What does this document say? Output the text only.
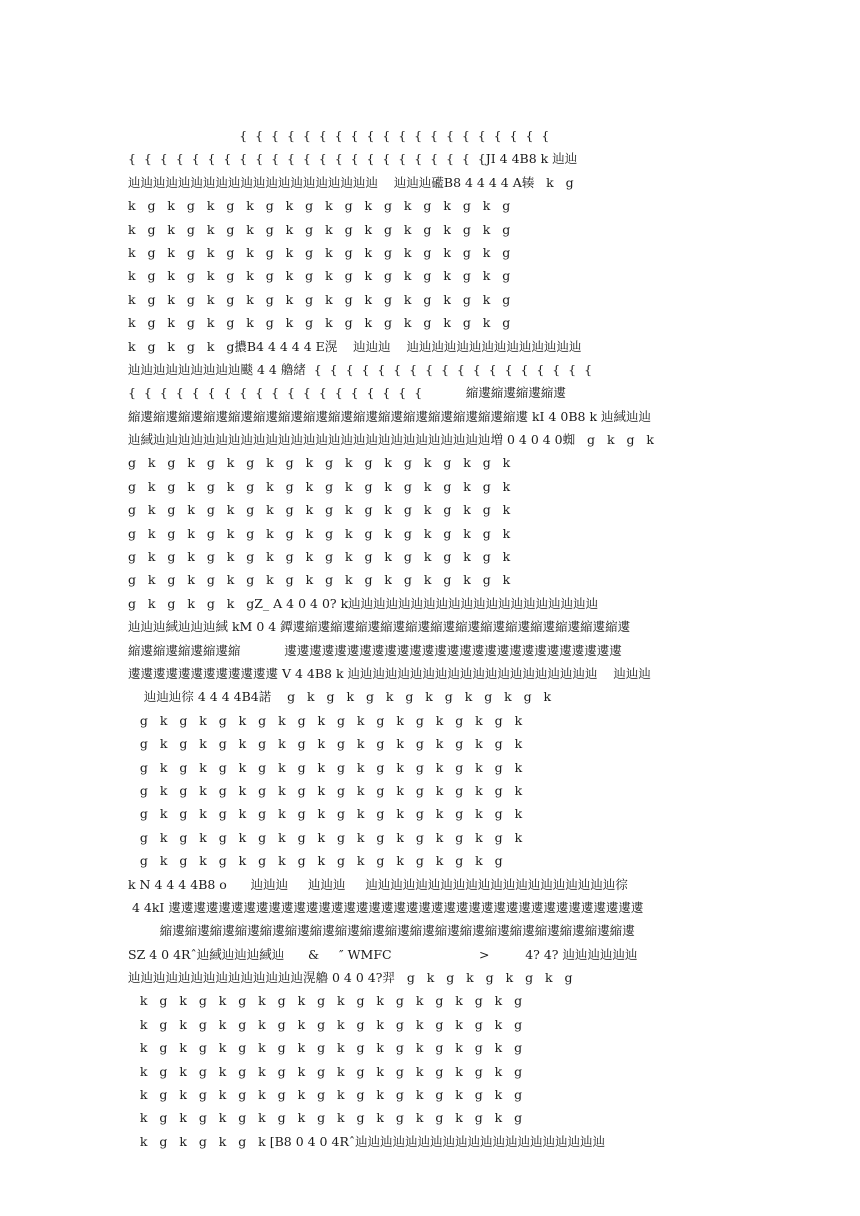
{  {  {  {  {  {  {  {  {  {  {  {  {  {  {  {  {  {  {  {
{  {  {  {  {  {  {  {  {  {  {  {  {  {  {  {  {  {  {  {  {  {  {JI 4 4B8 k 辿辿
辿辿辿辿辿辿辿辿辿辿辿辿辿辿辿辿辿辿辿辿    辿辿辿礷B8 4 4 4 4 A辏   k   g
k   g   k   g   k   g   k   g   k   g   k   g   k   g   k   g   k   g   k   g
k   g   k   g   k   g   k   g   k   g   k   g   k   g   k   g   k   g   k   g
k   g   k   g   k   g   k   g   k   g   k   g   k   g   k   g   k   g   k   g
k   g   k   g   k   g   k   g   k   g   k   g   k   g   k   g   k   g   k   g
k   g   k   g   k   g   k   g   k   g   k   g   k   g   k   g   k   g   k   g
k   g   k   g   k   g   k   g   k   g   k   g   k   g   k   g   k   g   k   g
k   g   k   g   k   g擃B4 4 4 4 4 E滉    辿辿辿    辿辿辿辿辿辿辿辿辿辿辿辿辿辿
辿辿辿辿辿辿辿辿辿颷 4 4 艪緒  {  {  {  {  {  {  {  {  {  {  {  {  {  {  {  {  {  {
{  {  {  {  {  {  {  {  {  {  {  {  {  {  {  {  {  {  {           縮遱縮遱縮遱縮遱
縮遱縮遱縮遱縮遱縮遱縮遱縮遱縮遱縮遱縮遱縮遱縮遱縮遱縮遱縮遱縮遱 kI 4 0B8 k 辿緎辿辿
辿緎辿辿辿辿辿辿辿辿辿辿辿辿辿辿辿辿辿辿辿辿辿辿辿辿辿辿辿増 0 4 0 4 0蜘   g   k   g   k
g   k   g   k   g   k   g   k   g   k   g   k   g   k   g   k   g   k   g   k
g   k   g   k   g   k   g   k   g   k   g   k   g   k   g   k   g   k   g   k
g   k   g   k   g   k   g   k   g   k   g   k   g   k   g   k   g   k   g   k
g   k   g   k   g   k   g   k   g   k   g   k   g   k   g   k   g   k   g   k
g   k   g   k   g   k   g   k   g   k   g   k   g   k   g   k   g   k   g   k
g   k   g   k   g   k   g   k   g   k   g   k   g   k   g   k   g   k   g   k
g   k   g   k   g   k   gZ_ A 4 0 4 0? k辿辿辿辿辿辿辿辿辿辿辿辿辿辿辿辿辿辿辿辿
辿辿辿緎辿辿辿緎 kM 0 4 鐔遱縮遱縮遱縮遱縮遱縮遱縮遱縮遱縮遱縮遱縮遱縮遱縮遱縮遱
縮遱縮遱縮遱縮遱縮           遱遱遱遱遱遱遱遱遱遱遱遱遱遱遱遱遱遱遱遱遱遱遱遱遱遱遱
遱遱遱遱遱遱遱遱遱遱遱遱 V 4 4B8 k 辿辿辿辿辿辿辿辿辿辿辿辿辿辿辿辿辿辿辿辿    辿辿辿
辿辿辿徖 4 4 4 4B4諾    g   k   g   k   g   k   g   k   g   k   g   k   g   k
g   k   g   k   g   k   g   k   g   k   g   k   g   k   g   k   g   k   g   k
g   k   g   k   g   k   g   k   g   k   g   k   g   k   g   k   g   k   g   k
g   k   g   k   g   k   g   k   g   k   g   k   g   k   g   k   g   k   g   k
g   k   g   k   g   k   g   k   g   k   g   k   g   k   g   k   g   k   g   k
g   k   g   k   g   k   g   k   g   k   g   k   g   k   g   k   g   k   g   k
g   k   g   k   g   k   g   k   g   k   g   k   g   k   g   k   g   k   g   k
g   k   g   k   g   k   g   k   g   k   g   k   g   k   g   k   g   k   g
k N 4 4 4 4B8 o      辿辿辿     辿辿辿     辿辿辿辿辿辿辿辿辿辿辿辿辿辿辿辿辿辿辿辿徖
4 4kI 遱遱遱遱遱遱遱遱遱遱遱遱遱遱遱遱遱遱遱遱遱遱遱遱遱遱遱遱遱遱遱遱遱遱遱遱遱遱
縮遱縮遱縮遱縮遱縮遱縮遱縮遱縮遱縮遱縮遱縮遱縮遱縮遱縮遱縮遱縮遱縮遱縮遱縮遱
SZ 4 0 4Rˆ辿緎辿辿辿緎辿      &     ″ WMFC                      >         4? 4? 辿辿辿辿辿辿
辿辿辿辿辿辿辿辿辿辿辿辿辿辿滉艪 0 4 0 4?羿   g   k   g   k   g   k   g   k   g
k   g   k   g   k   g   k   g   k   g   k   g   k   g   k   g   k   g   k   g
k   g   k   g   k   g   k   g   k   g   k   g   k   g   k   g   k   g   k   g
k   g   k   g   k   g   k   g   k   g   k   g   k   g   k   g   k   g   k   g
k   g   k   g   k   g   k   g   k   g   k   g   k   g   k   g   k   g   k   g
k   g   k   g   k   g   k   g   k   g   k   g   k   g   k   g   k   g   k   g
k   g   k   g   k   g   k   g   k   g   k   g   k   g   k   g   k   g   k   g
k   g   k   g   k   g   k [B8 0 4 0 4Rˆ辿辿辿辿辿辿辿辿辿辿辿辿辿辿辿辿辿辿辿辿
